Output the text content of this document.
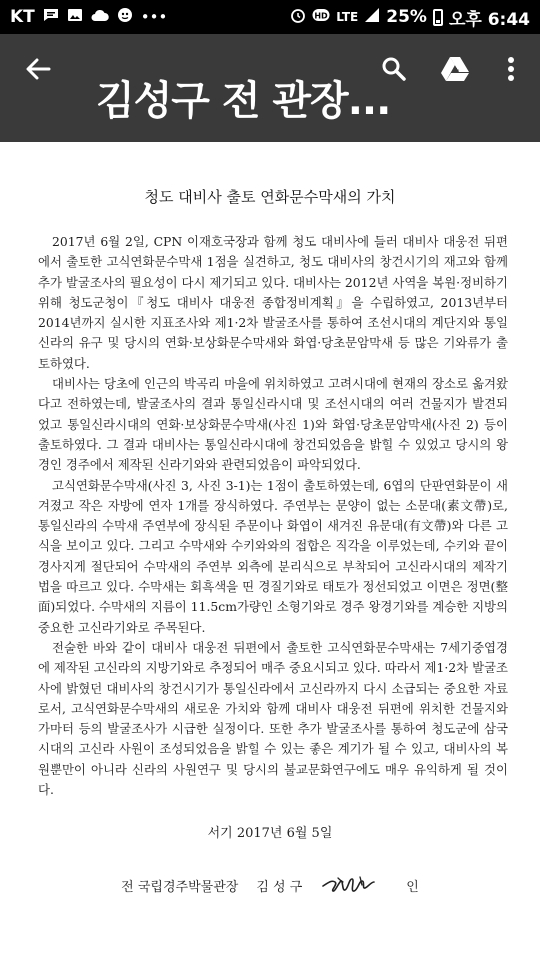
KT	•••	HD LTE 25% 오후 6:44
김성구 전 관장...
청도 대비사 출토 연화문수막새의 가치

2017년 6월 2일, CPN 이재호국장과 함께 청도 대비사에 들러 대비사 대웅전 뒤편에서 출토한 고식연화문수막새 1점을 실견하고, 청도 대비사의 창건시기의 재고와 함께 추가 발굴조사의 필요성이 다시 제기되고 있다. 대비사는 2012년 사역을 복원·정비하기 위해 청도군청이『청도 대비사 대웅전 종합정비계획』을 수립하였고, 2013년부터 2014년까지 실시한 지표조사와 제1·2차 발굴조사를 통하여 조선시대의 계단지와 통일신라의 유구 및 당시의 연화·보상화문수막새와 화엽·당초문암막새 등 많은 기와류가 출토하였다.

대비사는 당초에 인근의 박곡리 마을에 위치하였고 고려시대에 현재의 장소로 옮겨왔다고 전하였는데, 발굴조사의 결과 통일신라시대 및 조선시대의 여러 건물지가 발견되었고 통일신라시대의 연화·보상화문수막새(사진 1)와 화엽·당초문암막새(사진 2) 등이 출토하였다. 그 결과 대비사는 통일신라시대에 창건되었음을 밝힐 수 있었고 당시의 왕경인 경주에서 제작된 신라기와와 관련되었음이 파악되었다.

고식연화문수막새(사진 3, 사진 3-1)는 1점이 출토하였는데, 6엽의 단판연화문이 새겨졌고 작은 자방에 연자 1개를 장식하였다. 주연부는 문양이 없는 소문대(素文帶)로, 통일신라의 수막새 주연부에 장식된 주문이나 화엽이 새겨진 유문대(有文帶)와 다른 고식을 보이고 있다. 그리고 수막새와 수키와와의 접합은 직각을 이루었는데, 수키와 끝이 경사지게 절단되어 수막새의 주연부 외측에 분리식으로 부착되어 고신라시대의 제작기법을 따르고 있다. 수막새는 회흑색을 띤 경질기와로 태토가 정선되었고 이면은 정면(整面)되었다. 수막새의 지름이 11.5cm가량인 소형기와로 경주 왕경기와를 계승한 지방의 중요한 고신라기와로 주목된다.

전술한 바와 같이 대비사 대웅전 뒤편에서 출토한 고식연화문수막새는 7세기중엽경에 제작된 고신라의 지방기와로 추정되어 매주 중요시되고 있다. 따라서 제1·2차 발굴조사에 밝혔던 대비사의 창건시기가 통일신라에서 고신라까지 다시 소급되는 중요한 자료로서, 고식연화문수막새의 새로운 가치와 함께 대비사 대웅전 뒤편에 위치한 건물지와 가마터 등의 발굴조사가 시급한 실정이다. 또한 추가 발굴조사를 통하여 청도군에 삼국시대의 고신라 사원이 조성되었음을 밝힐 수 있는 좋은 계기가 될 수 있고, 대비사의 복원뿐만이 아니라 신라의 사원연구 및 당시의 불교문화연구에도 매우 유익하게 될 것이다.

서기 2017년 6월 5일
전 국립경주박물관장 김 성 구	인
